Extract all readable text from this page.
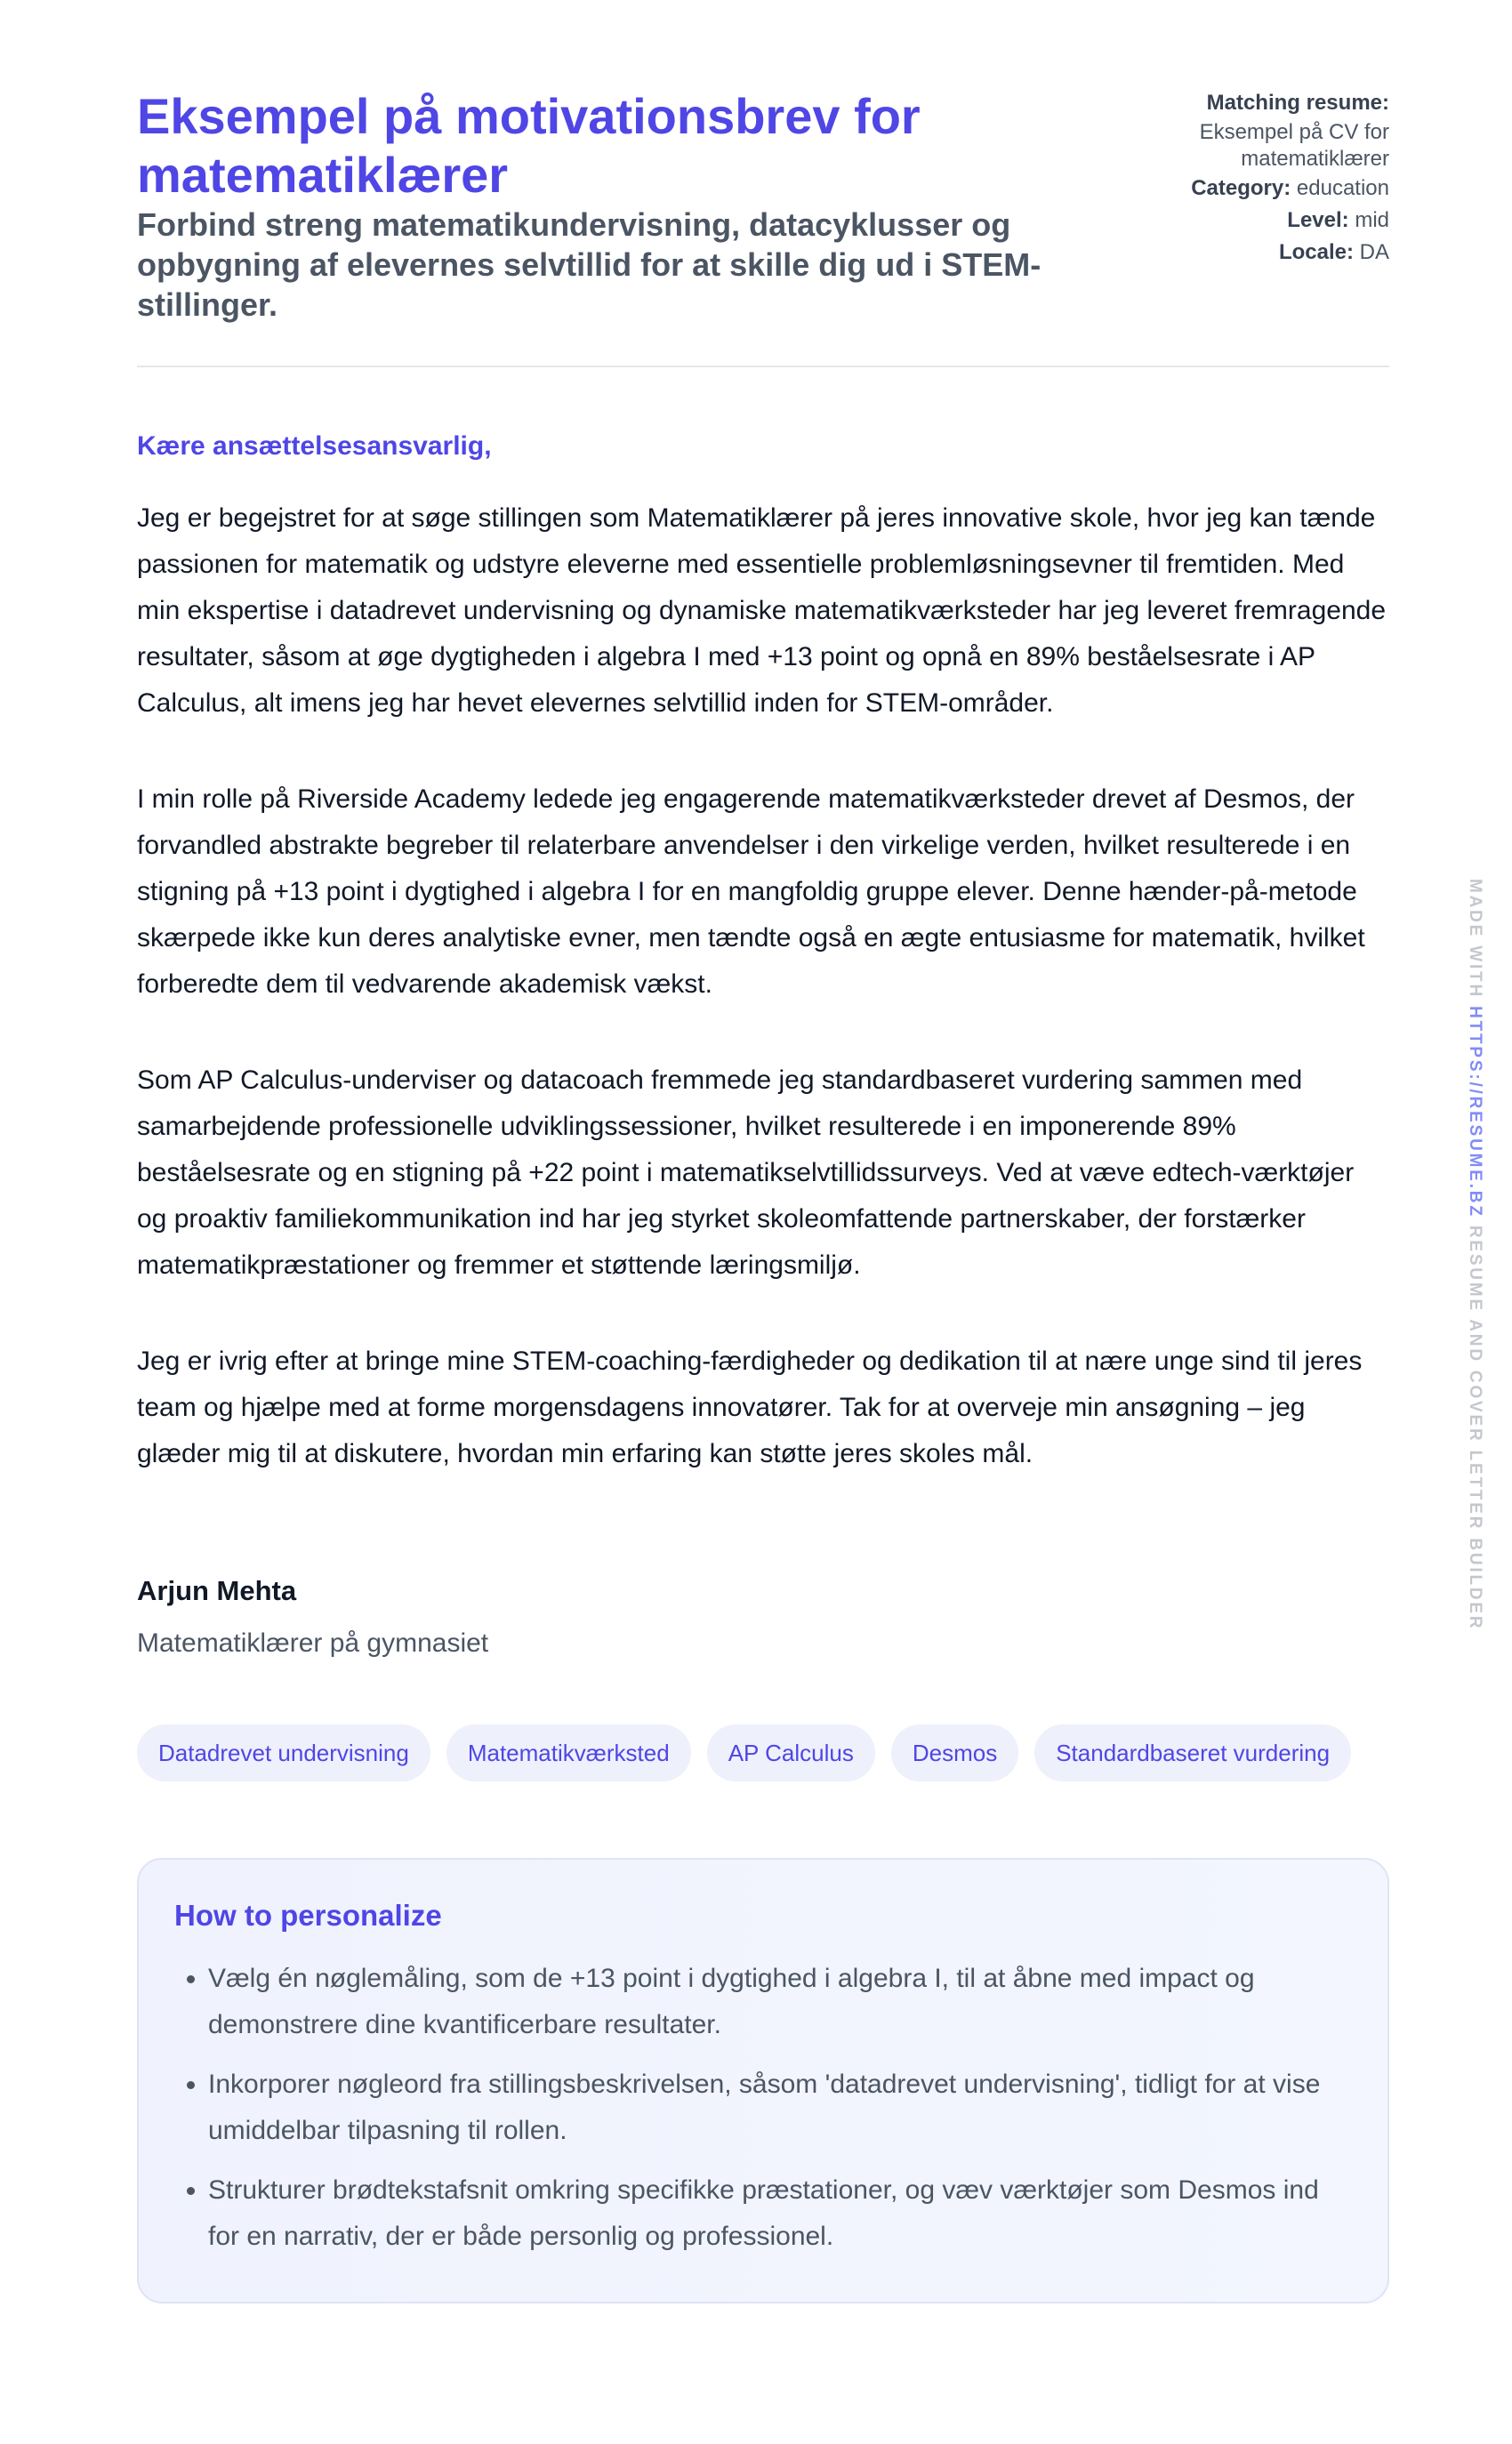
Eksempel på motivationsbrev for matematiklærer

Forbind streng matematikundervisning, datacyklusser og opbygning af elevernes selvtillid for at skille dig ud i STEM-stillinger.

Matching resume:
Eksempel på CV for matematiklærer
Category: education
Level: mid
Locale: DA
Kære ansættelsesansvarlig,

Jeg er begejstret for at søge stillingen som Matematiklærer på jeres innovative skole, hvor jeg kan tænde passionen for matematik og udstyre eleverne med essentielle problemløsningsevner til fremtiden. Med min ekspertise i datadrevet undervisning og dynamiske matematikværksteder har jeg leveret fremragende resultater, såsom at øge dygtigheden i algebra I med +13 point og opnå en 89% beståelsesrate i AP Calculus, alt imens jeg har hevet elevernes selvtillid inden for STEM-områder.

I min rolle på Riverside Academy ledede jeg engagerende matematikværksteder drevet af Desmos, der forvandled abstrakte begreber til relaterbare anvendelser i den virkelige verden, hvilket resulterede i en stigning på +13 point i dygtighed i algebra I for en mangfoldig gruppe elever. Denne hænder-på-metode skærpede ikke kun deres analytiske evner, men tændte også en ægte entusiasme for matematik, hvilket forberedte dem til vedvarende akademisk vækst.

Som AP Calculus-underviser og datacoach fremmede jeg standardbaseret vurdering sammen med samarbejdende professionelle udviklingssessioner, hvilket resulterede i en imponerende 89% beståelsesrate og en stigning på +22 point i matematikselvtillidssurveys. Ved at væve edtech-værktøjer og proaktiv familiekommunikation ind har jeg styrket skoleomfattende partnerskaber, der forstærker matematikpræstationer og fremmer et støttende læringsmiljø.

Jeg er ivrig efter at bringe mine STEM-coaching-færdigheder og dedikation til at nære unge sind til jeres team og hjælpe med at forme morgensdagens innovatører. Tak for at overveje min ansøgning – jeg glæder mig til at diskutere, hvordan min erfaring kan støtte jeres skoles mål.

Arjun Mehta
Matematiklærer på gymnasiet
Datadrevet undervisning	Matematikværksted	AP Calculus	Desmos	Standardbaseret vurdering
How to personalize
• Vælg én nøglemåling, som de +13 point i dygtighed i algebra I, til at åbne med impact og demonstrere dine kvantificerbare resultater.
• Inkorporer nøgleord fra stillingsbeskrivelsen, såsom 'datadrevet undervisning', tidligt for at vise umiddelbar tilpasning til rollen.
• Strukturer brødtekstafsnit omkring specifikke præstationer, og væv værktøjer som Desmos ind for en narrativ, der er både personlig og professionel.
MADE WITH HTTPS://RESUME.BZ RESUME AND COVER LETTER BUILDER
